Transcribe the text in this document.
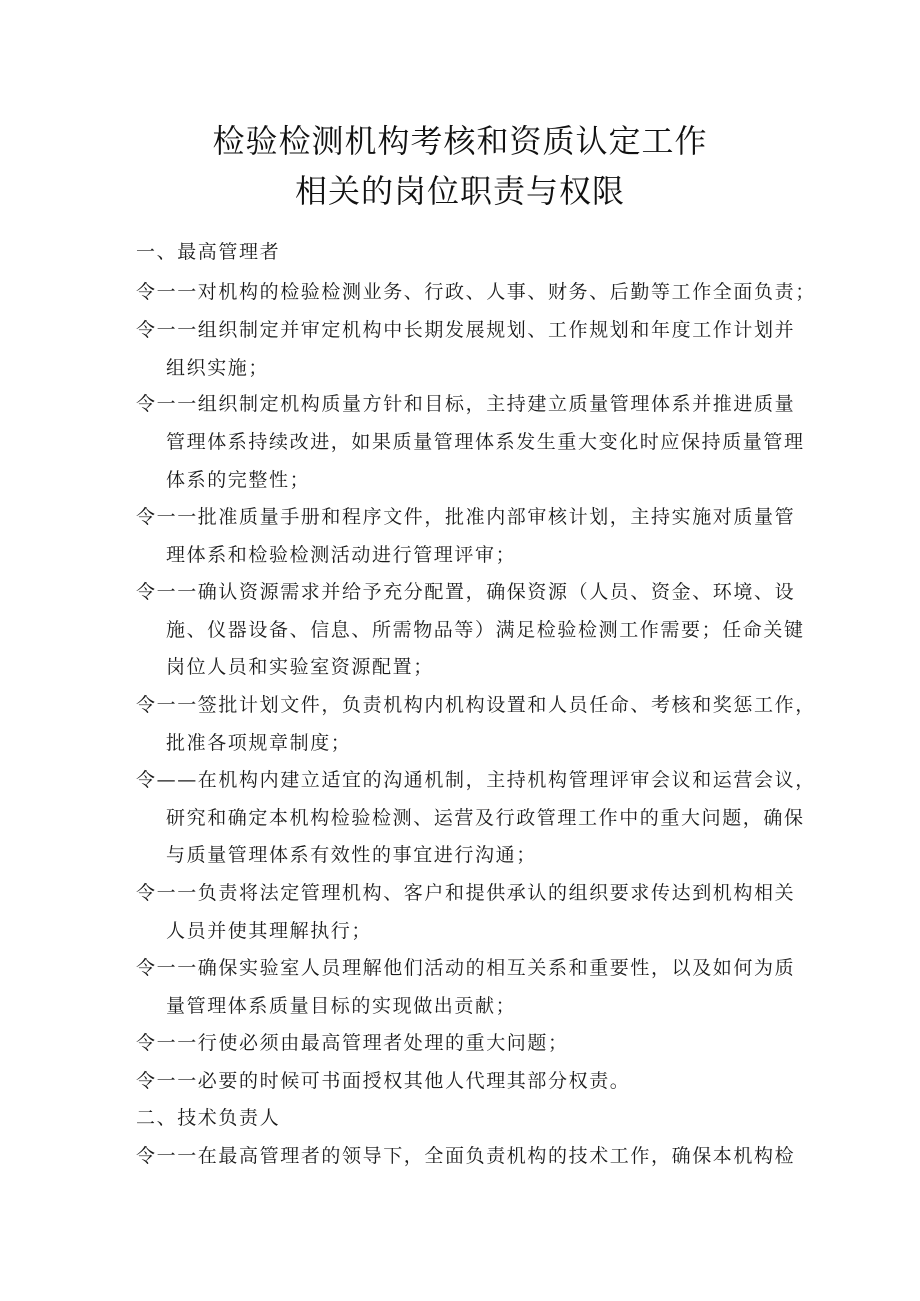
检验检测机构考核和资质认定工作
相关的岗位职责与权限
一、最高管理者
令一一对机构的检验检测业务、行政、人事、财务、后勤等工作全面负责；
令一一组织制定并审定机构中长期发展规划、工作规划和年度工作计划并
组织实施；
令一一组织制定机构质量方针和目标，主持建立质量管理体系并推进质量
管理体系持续改进，如果质量管理体系发生重大变化时应保持质量管理
体系的完整性；
令一一批准质量手册和程序文件，批准内部审核计划，主持实施对质量管
理体系和检验检测活动进行管理评审；
令一一确认资源需求并给予充分配置，确保资源（人员、资金、环境、设
施、仪器设备、信息、所需物品等）满足检验检测工作需要；任命关键
岗位人员和实验室资源配置；
令一一签批计划文件，负责机构内机构设置和人员任命、考核和奖惩工作，
批准各项规章制度；
令——在机构内建立适宜的沟通机制，主持机构管理评审会议和运营会议，
研究和确定本机构检验检测、运营及行政管理工作中的重大问题，确保
与质量管理体系有效性的事宜进行沟通；
令一一负责将法定管理机构、客户和提供承认的组织要求传达到机构相关
人员并使其理解执行；
令一一确保实验室人员理解他们活动的相互关系和重要性，以及如何为质
量管理体系质量目标的实现做出贡献；
令一一行使必须由最高管理者处理的重大问题；
令一一必要的时候可书面授权其他人代理其部分权责。
二、技术负责人
令一一在最高管理者的领导下，全面负责机构的技术工作，确保本机构检
